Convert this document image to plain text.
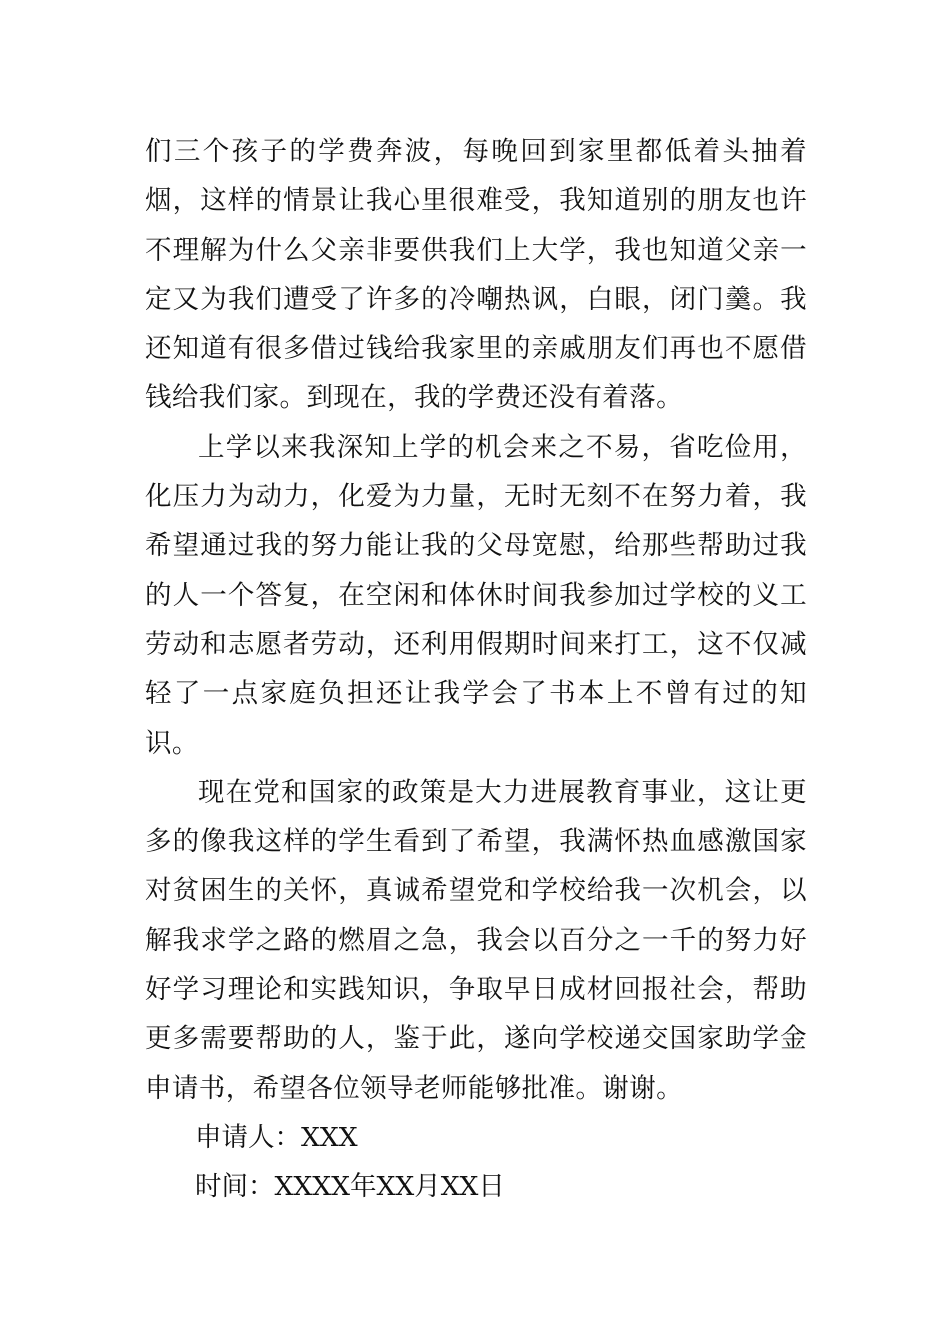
们三个孩子的学费奔波，每晚回到家里都低着头抽着烟，这样的情景让我心里很难受，我知道别的朋友也许不理解为什么父亲非要供我们上大学，我也知道父亲一定又为我们遭受了许多的冷嘲热讽，白眼，闭门羹。我还知道有很多借过钱给我家里的亲戚朋友们再也不愿借钱给我们家。到现在，我的学费还没有着落。

上学以来我深知上学的机会来之不易，省吃俭用，化压力为动力，化爱为力量，无时无刻不在努力着，我希望通过我的努力能让我的父母宽慰，给那些帮助过我的人一个答复，在空闲和体休时间我参加过学校的义工劳动和志愿者劳动，还利用假期时间来打工，这不仅减轻了一点家庭负担还让我学会了书本上不曾有过的知识。

现在党和国家的政策是大力进展教育事业，这让更多的像我这样的学生看到了希望，我满怀热血感激国家对贫困生的关怀，真诚希望党和学校给我一次机会，以解我求学之路的燃眉之急，我会以百分之一千的努力好好学习理论和实践知识，争取早日成材回报社会，帮助更多需要帮助的人，鉴于此，遂向学校递交国家助学金申请书，希望各位领导老师能够批准。谢谢。

申请人：XXX

时间：XXXX年XX月XX日
